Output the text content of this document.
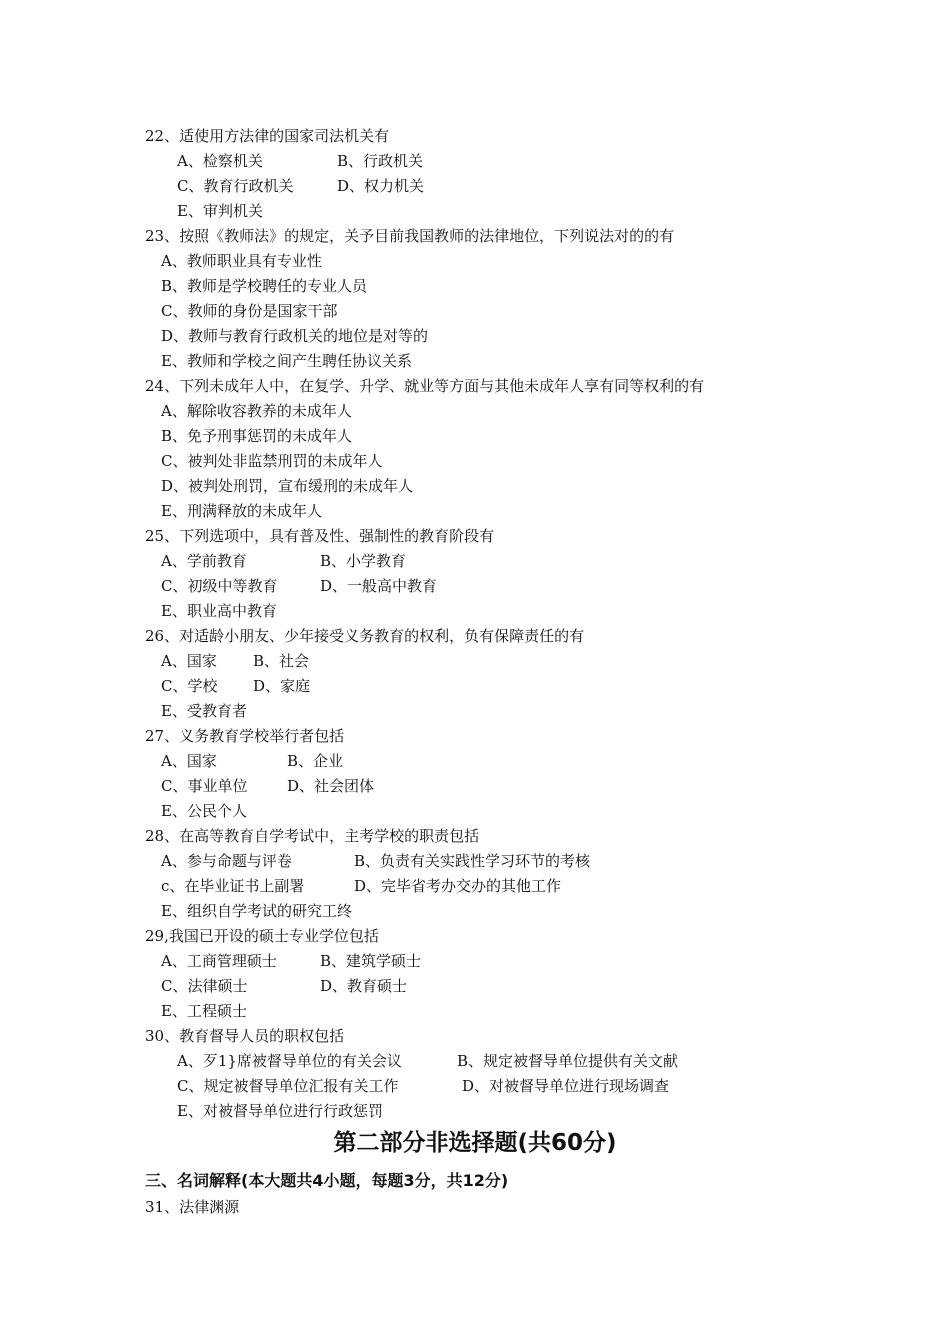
22、适使用方法律的国家司法机关有
A、检察机关	B、行政机关
C、教育行政机关	D、权力机关
E、审判机关
23、按照《教师法》的规定，关予目前我国教师的法律地位，下列说法对的的有
A、教师职业具有专业性
B、教师是学校聘任的专业人员
C、教师的身份是国家干部
D、教师与教育行政机关的地位是对等的
E、教师和学校之间产生聘任协议关系
24、下列未成年人中，在复学、升学、就业等方面与其他未成年人享有同等权利的有
A、解除收容教养的未成年人
B、免予刑事惩罚的未成年人
C、被判处非监禁刑罚的未成年人
D、被判处刑罚，宣布缓刑的未成年人
E、刑满释放的未成年人
25、下列选项中，具有普及性、强制性的教育阶段有
A、学前教育	B、小学教育
C、初级中等教育	D、一般高中教育
E、职业高中教育
26、对适龄小朋友、少年接受义务教育的权利，负有保障责任的有
A、国家 B、社会
C、学校 D、家庭
E、受教育者
27、义务教育学校举行者包括
A、国家	B、企业
C、事业单位	D、社会团体
E、公民个人
28、在高等教育自学考试中，主考学校的职责包括
A、参与命题与评卷	B、负责有关实践性学习环节的考核
c、在毕业证书上副署	D、完毕省考办交办的其他工作
E、组织自学考试的研究工终
29,我国已开设的硕士专业学位包括
A、工商管理硕士	B、建筑学硕士
C、法律硕士	D、教育硕士
E、工程硕士
30、教育督导人员的职权包括
A、歹1}席被督导单位的有关会议	B、规定被督导单位提供有关文献
C、规定被督导单位汇报有关工作	D、对被督导单位进行现场调查
E、对被督导单位进行行政惩罚
第二部分非选择题(共60分)
三、名词解释(本大题共4小题，每题3分，共12分)
31、法律渊源
